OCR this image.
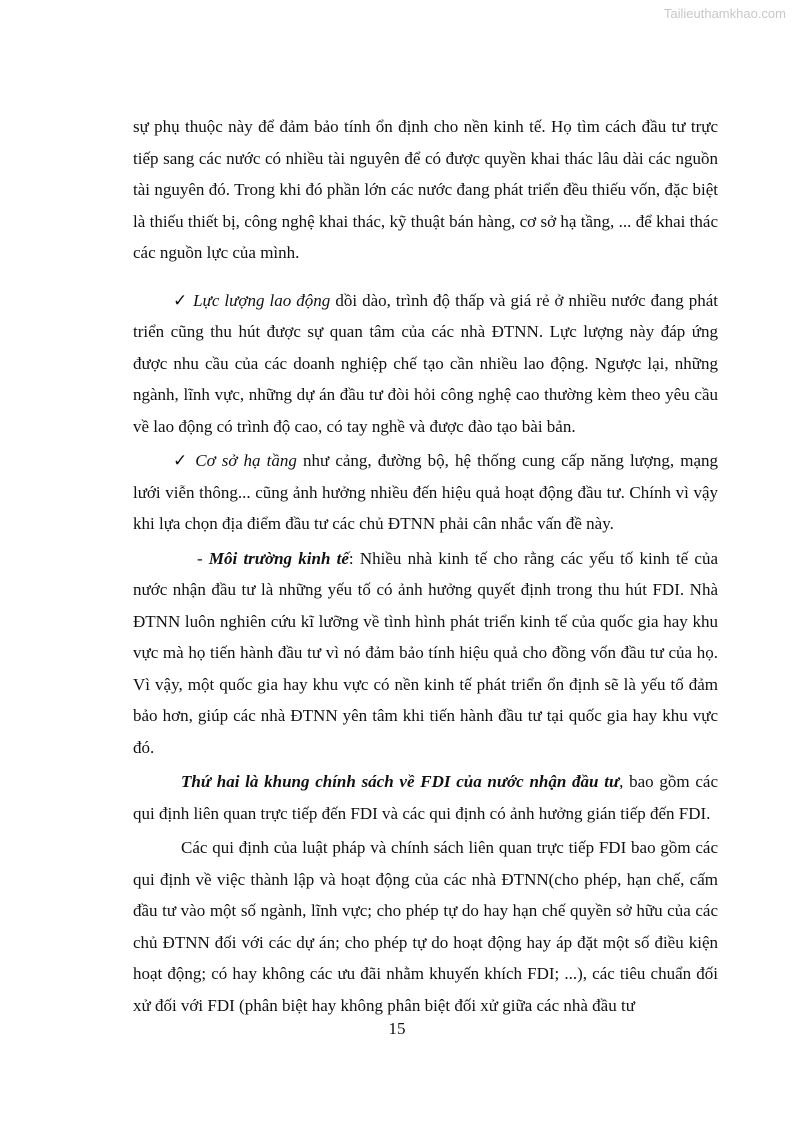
Tailieuthamkhao.com

sự phụ thuộc này để đảm bảo tính ổn định cho nền kinh tế. Họ tìm cách đầu tư trực tiếp sang các nước có nhiều tài nguyên để có được quyền khai thác lâu dài các nguồn tài nguyên đó. Trong khi đó phần lớn các nước đang phát triển đều thiếu vốn, đặc biệt là thiếu thiết bị, công nghệ khai thác, kỹ thuật bán hàng, cơ sở hạ tầng, ... để khai thác các nguồn lực của mình.

✓ Lực lượng lao động dồi dào, trình độ thấp và giá rẻ ở nhiều nước đang phát triển cũng thu hút được sự quan tâm của các nhà ĐTNN. Lực lượng này đáp ứng được nhu cầu của các doanh nghiệp chế tạo cần nhiều lao động. Ngược lại, những ngành, lĩnh vực, những dự án đầu tư đòi hỏi công nghệ cao thường kèm theo yêu cầu về lao động có trình độ cao, có tay nghề và được đào tạo bài bản.

✓ Cơ sở hạ tầng như cảng, đường bộ, hệ thống cung cấp năng lượng, mạng lưới viễn thông... cũng ảnh hưởng nhiều đến hiệu quả hoạt động đầu tư. Chính vì vậy khi lựa chọn địa điểm đầu tư các chủ ĐTNN phải cân nhắc vấn đề này.

- Môi trường kinh tế: Nhiều nhà kinh tế cho rằng các yếu tố kinh tế của nước nhận đầu tư là những yếu tố có ảnh hưởng quyết định trong thu hút FDI. Nhà ĐTNN luôn nghiên cứu kĩ lưỡng về tình hình phát triển kinh tế của quốc gia hay khu vực mà họ tiến hành đầu tư vì nó đảm bảo tính hiệu quả cho đồng vốn đầu tư của họ. Vì vậy, một quốc gia hay khu vực có nền kinh tế phát triển ổn định sẽ là yếu tố đảm bảo hơn, giúp các nhà ĐTNN yên tâm khi tiến hành đầu tư tại quốc gia hay khu vực đó.

Thứ hai là khung chính sách về FDI của nước nhận đầu tư, bao gồm các qui định liên quan trực tiếp đến FDI và các qui định có ảnh hưởng gián tiếp đến FDI.

Các qui định của luật pháp và chính sách liên quan trực tiếp FDI bao gồm các qui định về việc thành lập và hoạt động của các nhà ĐTNN(cho phép, hạn chế, cấm đầu tư vào một số ngành, lĩnh vực; cho phép tự do hay hạn chế quyền sở hữu của các chủ ĐTNN đối với các dự án; cho phép tự do hoạt động hay áp đặt một số điều kiện hoạt động; có hay không các ưu đãi nhằm khuyến khích FDI; ...), các tiêu chuẩn đối xử đối với FDI (phân biệt hay không phân biệt đối xử giữa các nhà đầu tư

15
